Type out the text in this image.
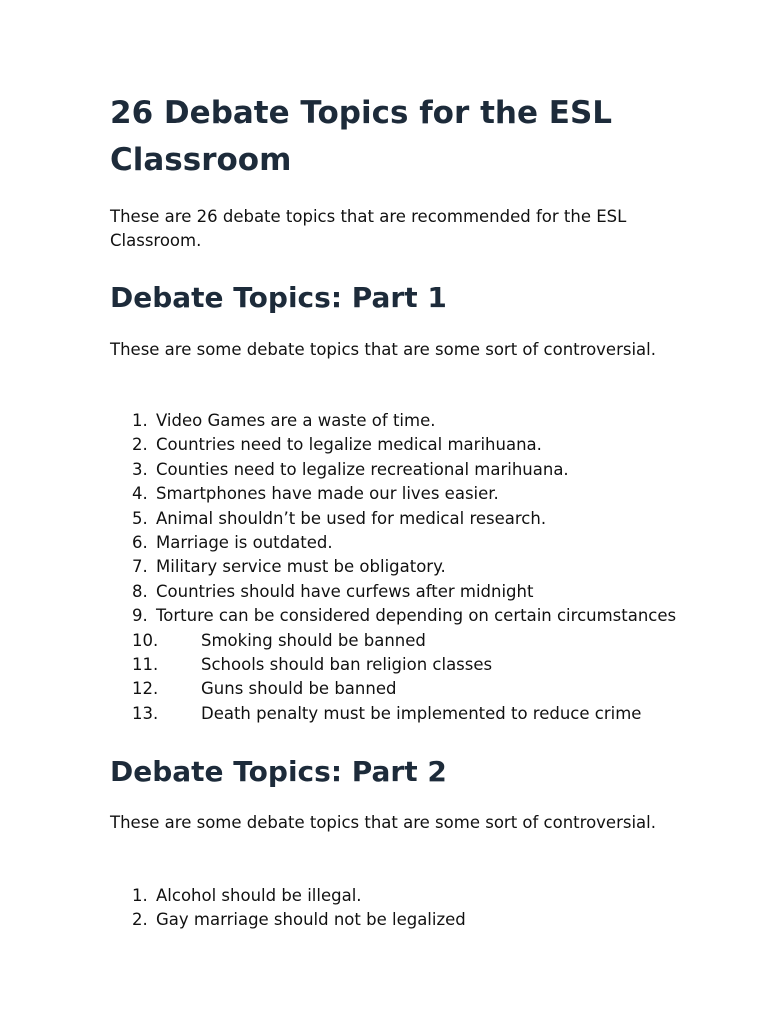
26 Debate Topics for the ESL Classroom

These are 26 debate topics that are recommended for the ESL Classroom.

Debate Topics: Part 1

These are some debate topics that are some sort of controversial.

1. Video Games are a waste of time.
2. Countries need to legalize medical marihuana.
3. Counties need to legalize recreational marihuana.
4. Smartphones have made our lives easier.
5. Animal shouldn’t be used for medical research.
6. Marriage is outdated.
7. Military service must be obligatory.
8. Countries should have curfews after midnight
9. Torture can be considered depending on certain circumstances
10.	Smoking should be banned
11.	Schools should ban religion classes
12.	Guns should be banned
13.	Death penalty must be implemented to reduce crime
Debate Topics: Part 2

These are some debate topics that are some sort of controversial.

1. Alcohol should be illegal.
2. Gay marriage should not be legalized
